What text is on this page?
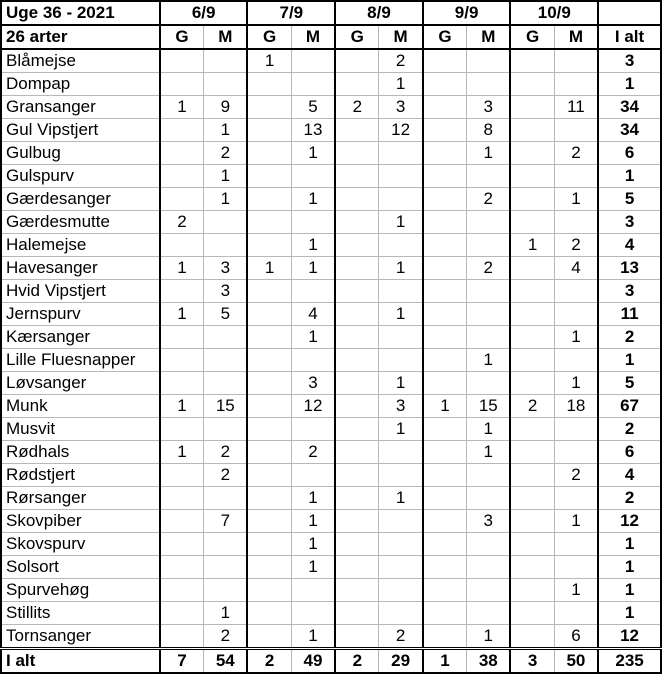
Uge 36 - 2021	6/9		7/9		8/9		9/9		10/9		
26 arter	G	M	G	M	G	M	G	M	G	M	I alt
Blåmejse			1			2					3
Dompap						1					1
Gransanger	1	9		5	2	3		3		11	34
Gul Vipstjert		1		13		12		8			34
Gulbug		2		1				1		2	6
Gulspurv		1									1
Gærdesanger		1		1				2		1	5
Gærdesmutte	2					1					3
Halemejse				1					1	2	4
Havesanger	1	3	1	1		1		2		4	13
Hvid Vipstjert		3									3
Jernspurv	1	5		4		1					11
Kærsanger				1						1	2
Lille Fluesnapper								1			1
Løvsanger				3		1				1	5
Munk	1	15		12		3	1	15	2	18	67
Musvit						1		1			2
Rødhals	1	2		2				1			6
Rødstjert		2								2	4
Rørsanger				1		1					2
Skovpiber		7		1				3		1	12
Skovspurv				1							1
Solsort				1							1
Spurvehøg										1	1
Stillits		1									1
Tornsanger		2		1		2		1		6	12
I alt	7	54	2	49	2	29	1	38	3	50	235
